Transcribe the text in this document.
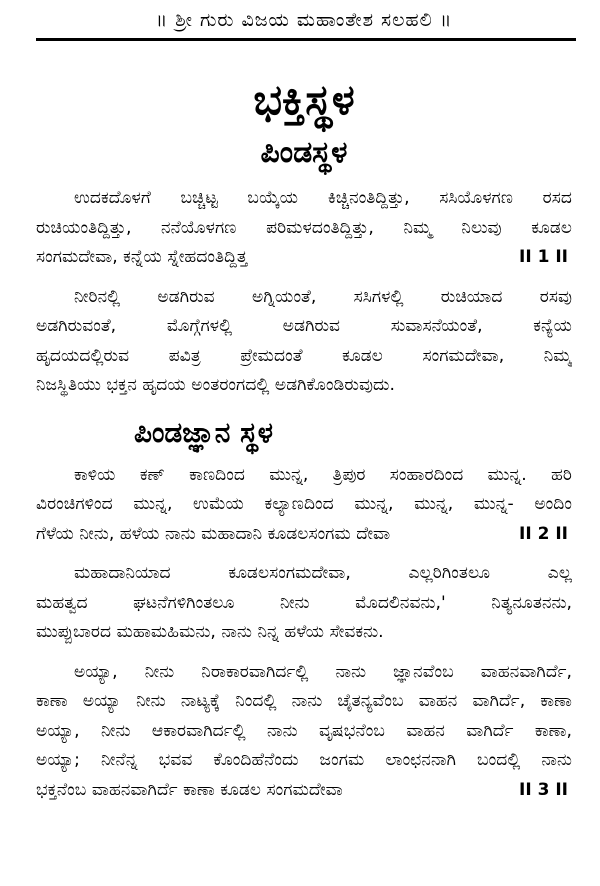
॥ ಶ್ರೀ ಗುರು ವಿಜಯ ಮಹಾಂತೇಶ ಸಲಹಲಿ ॥
ಭಕ್ತಿಸ್ಥಳ
ಪಿಂಡಸ್ಥಳ
ಉದಕದೊಳಗೆ ಬಚ್ಚಿಟ್ಟ ಬಯ್ಕೆಯ ಕಿಚ್ಚಿನಂತಿದ್ದಿತ್ತು, ಸಸಿಯೊಳಗಣ ರಸದ
ರುಚಿಯಂತಿದ್ದಿತ್ತು, ನನೆಯೊಳಗಣ ಪರಿಮಳದಂತಿದ್ದಿತ್ತು, ನಿಮ್ಮ ನಿಲುವು ಕೂಡಲ
ಸಂಗಮದೇವಾ, ಕನ್ನೆಯ ಸ್ನೇಹದಂತಿದ್ದಿತ್ತ	II 1 II
ನೀರಿನಲ್ಲಿ ಅಡಗಿರುವ ಅಗ್ನಿಯಂತೆ, ಸಸಿಗಳಲ್ಲಿ ರುಚಿಯಾದ ರಸವು
ಅಡಗಿರುವಂತೆ, ಮೊಗ್ಗೆಗಳಲ್ಲಿ ಅಡಗಿರುವ ಸುವಾಸನೆಯಂತೆ, ಕನ್ಯೆಯ
ಹೃದಯದಲ್ಲಿರುವ ಪವಿತ್ರ ಪ್ರೇಮದಂತೆ ಕೂಡಲ ಸಂಗಮದೇವಾ, ನಿಮ್ಮ
ನಿಜಸ್ಥಿತಿಯು ಭಕ್ತನ ಹೃದಯ ಅಂತರಂಗದಲ್ಲಿ ಅಡಗಿಕೊಂಡಿರುವುದು.
ಪಿಂಡಜ್ಞಾನ ಸ್ಥಳ
ಕಾಳಿಯ ಕಣ್ ಕಾಣದಿಂದ ಮುನ್ನ, ತ್ರಿಪುರ ಸಂಹಾರದಿಂದ ಮುನ್ನ. ಹರಿ
ವಿರಂಚಿಗಳಿಂದ ಮುನ್ನ, ಉಮೆಯ ಕಲ್ಯಾಣದಿಂದ ಮುನ್ನ, ಮುನ್ನ, ಮುನ್ನ- ಅಂದಿಂ
ಗೆಳೆಯ ನೀನು, ಹಳೆಯ ನಾನು ಮಹಾದಾನಿ ಕೂಡಲಸಂಗಮ ದೇವಾ	II 2 II
ಮಹಾದಾನಿಯಾದ ಕೂಡಲಸಂಗಮದೇವಾ, ಎಲ್ಲರಿಗಿಂತಲೂ ಎಲ್ಲ
ಮಹತ್ವದ ಘಟನೆಗಳಿಗಿಂತಲೂ ನೀನು ಮೊದಲಿನವನು,' ನಿತ್ಯನೂತನನು,
ಮುಪ್ಪುಬಾರದ ಮಹಾಮಹಿಮನು, ನಾನು ನಿನ್ನ ಹಳೆಯ ಸೇವಕನು.
ಅಯ್ಯಾ, ನೀನು ನಿರಾಕಾರವಾಗಿರ್ದಲ್ಲಿ ನಾನು ಜ್ಞಾನವೆಂಬ ವಾಹನವಾಗಿರ್ದೆ,
ಕಾಣಾ ಅಯ್ಯಾ ನೀನು ನಾಟ್ಯಕ್ಕೆ ನಿಂದಲ್ಲಿ ನಾನು ಚೈತನ್ಯವೆಂಬ ವಾಹನ ವಾಗಿರ್ದೆ, ಕಾಣಾ
ಅಯ್ಯಾ, ನೀನು ಆಕಾರವಾಗಿರ್ದಲ್ಲಿ ನಾನು ವೃಷಭನೆಂಬ ವಾಹನ ವಾಗಿರ್ದೆ ಕಾಣಾ,
ಅಯ್ಯಾ; ನೀನೆನ್ನ ಭವವ ಕೊಂದಿಹೆನೆಂದು ಜಂಗಮ ಲಾಂಛನನಾಗಿ ಬಂದಲ್ಲಿ ನಾನು
ಭಕ್ತನೆಂಬ ವಾಹನವಾಗಿರ್ದೆ ಕಾಣಾ ಕೂಡಲ ಸಂಗಮದೇವಾ	II 3 II
